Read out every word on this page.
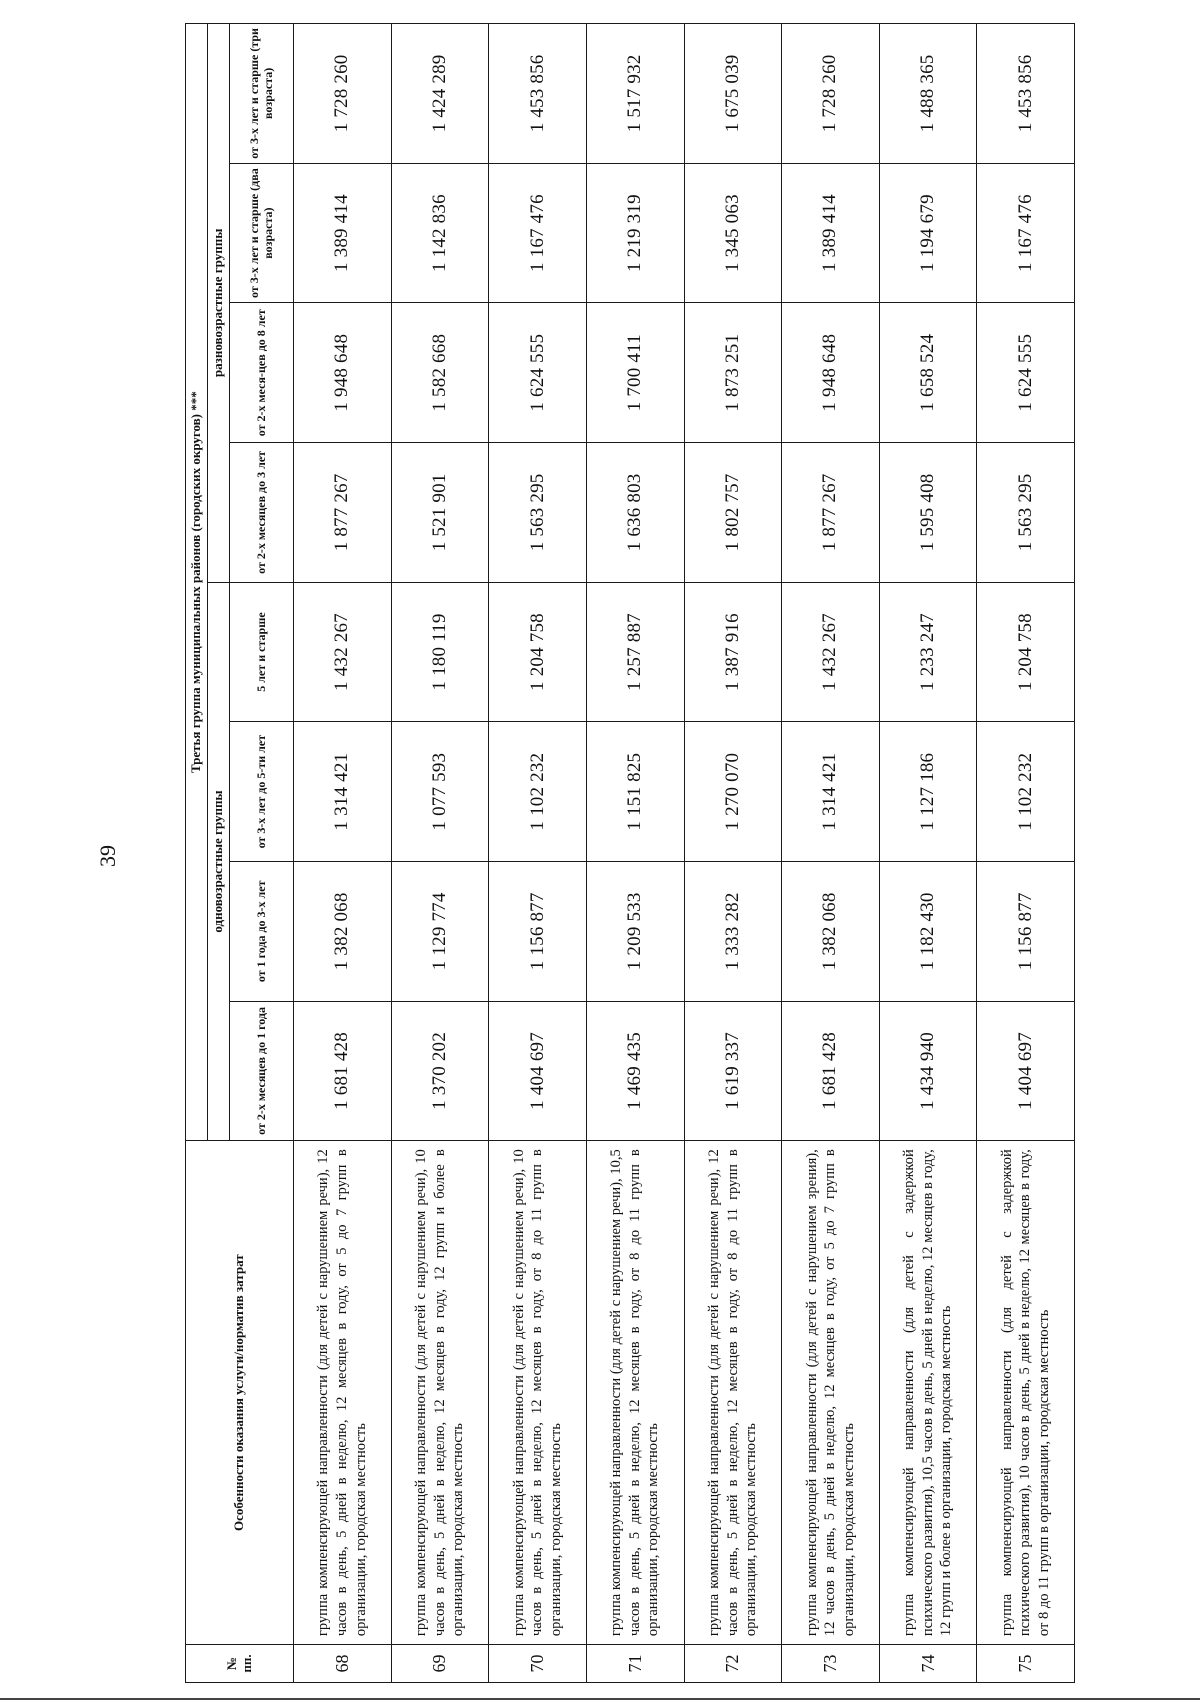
39
№ пп.	Особенности оказания услуги/норматив затрат	Третья группа муниципальных районов (городских округов) ***							
		одновозрастные группы				разновозрастные группы			
		от 2-х месяцев до 1 года	от 1 года до 3-х лет	от 3-х лет до 5-ти лет	5 лет и старше	от 2-х месяцев до 3 лет	от 2-х меся-цев до 8 лет	от 3-х лет и старше (два возраста)	от 3-х лет и старше (три возраста)
68	группа компенсирующей направленности (для детей с нарушением речи), 12 часов в день, 5 дней в неделю, 12 месяцев в году, от 5 до 7 групп в организации, городская местность	1 681 428	1 382 068	1 314 421	1 432 267	1 877 267	1 948 648	1 389 414	1 728 260
69	группа компенсирующей направленности (для детей с нарушением речи), 10 часов в день, 5 дней в неделю, 12 месяцев в году, 12 групп и более в организации, городская местность	1 370 202	1 129 774	1 077 593	1 180 119	1 521 901	1 582 668	1 142 836	1 424 289
70	группа компенсирующей направленности (для детей с нарушением речи), 10 часов в день, 5 дней в неделю, 12 месяцев в году, от 8 до 11 групп в организации, городская местность	1 404 697	1 156 877	1 102 232	1 204 758	1 563 295	1 624 555	1 167 476	1 453 856
71	группа компенсирующей направленности (для детей с нарушением речи), 10,5 часов в день, 5 дней в неделю, 12 месяцев в году, от 8 до 11 групп в организации, городская местность	1 469 435	1 209 533	1 151 825	1 257 887	1 636 803	1 700 411	1 219 319	1 517 932
72	группа компенсирующей направленности (для детей с нарушением речи), 12 часов в день, 5 дней в неделю, 12 месяцев в году, от 8 до 11 групп в организации, городская местность	1 619 337	1 333 282	1 270 070	1 387 916	1 802 757	1 873 251	1 345 063	1 675 039
73	группа компенсирующей направленности (для детей с нарушением зрения), 12 часов в день, 5 дней в неделю, 12 месяцев в году, от 5 до 7 групп в организации, городская местность	1 681 428	1 382 068	1 314 421	1 432 267	1 877 267	1 948 648	1 389 414	1 728 260
74	группа компенсирующей направленности (для детей с задержкой психического развития), 10,5 часов в день, 5 дней в неделю, 12 месяцев в году, 12 групп и более в организации, городская местность	1 434 940	1 182 430	1 127 186	1 233 247	1 595 408	1 658 524	1 194 679	1 488 365
75	группа компенсирующей направленности (для детей с задержкой психического развития), 10 часов в день, 5 дней в неделю, 12 месяцев в году, от 8 до 11 групп в организации, городская местность	1 404 697	1 156 877	1 102 232	1 204 758	1 563 295	1 624 555	1 167 476	1 453 856
